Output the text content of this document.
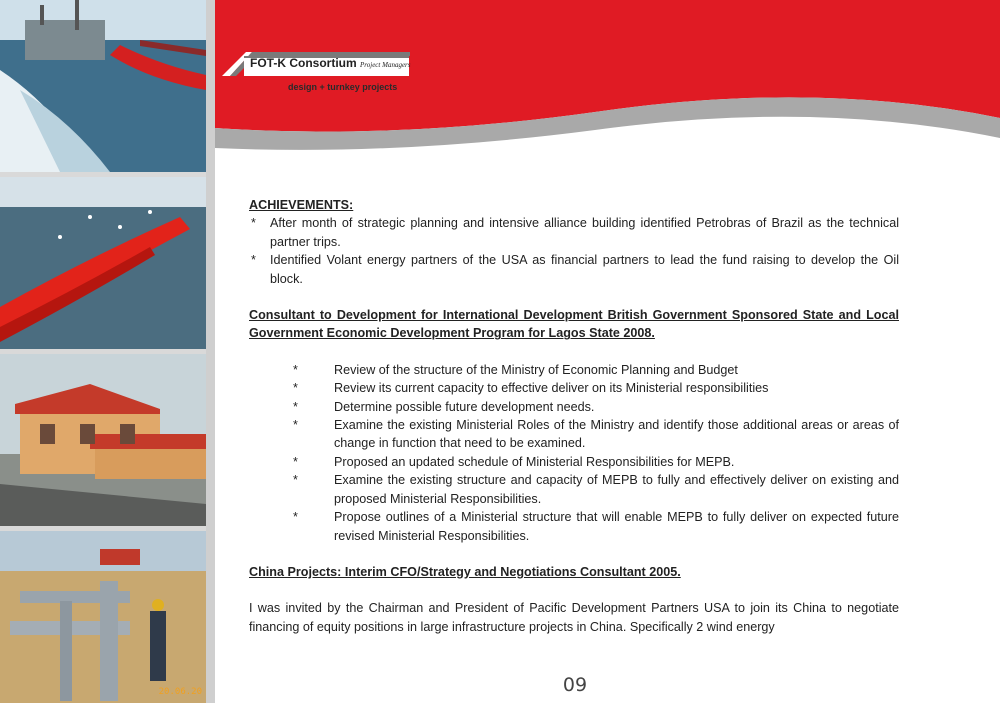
20.06.20
FOT-K Consortium Project Managers
design + turnkey projects
ACHIEVEMENTS:
* After month of strategic planning and intensive alliance building identified Petrobras of Brazil as the technical partner trips.
* Identified Volant energy partners of the USA as financial partners to lead the fund raising to develop the Oil block.
Consultant to Development for International Development British Government Sponsored State and Local Government Economic Development Program for Lagos State 2008.
*	Review of the structure of the Ministry of Economic Planning and Budget
*	Review its current capacity to effective deliver on its Ministerial responsibilities
*	Determine possible future development needs.
*	Examine the existing Ministerial Roles of the Ministry and identify those additional areas or areas of change in function that need to be examined.
*	Proposed an updated schedule of Ministerial Responsibilities for MEPB.
*	Examine the existing structure and capacity of MEPB to fully and effectively deliver on existing and proposed Ministerial Responsibilities.
*	Propose outlines of a Ministerial structure that will enable MEPB to fully deliver on expected future revised Ministerial Responsibilities.
China Projects: Interim CFO/Strategy and Negotiations Consultant 2005.
I was invited by the Chairman and President of Pacific Development Partners USA to join its China to negotiate financing of equity positions in large infrastructure projects in China. Specifically 2 wind energy
09
